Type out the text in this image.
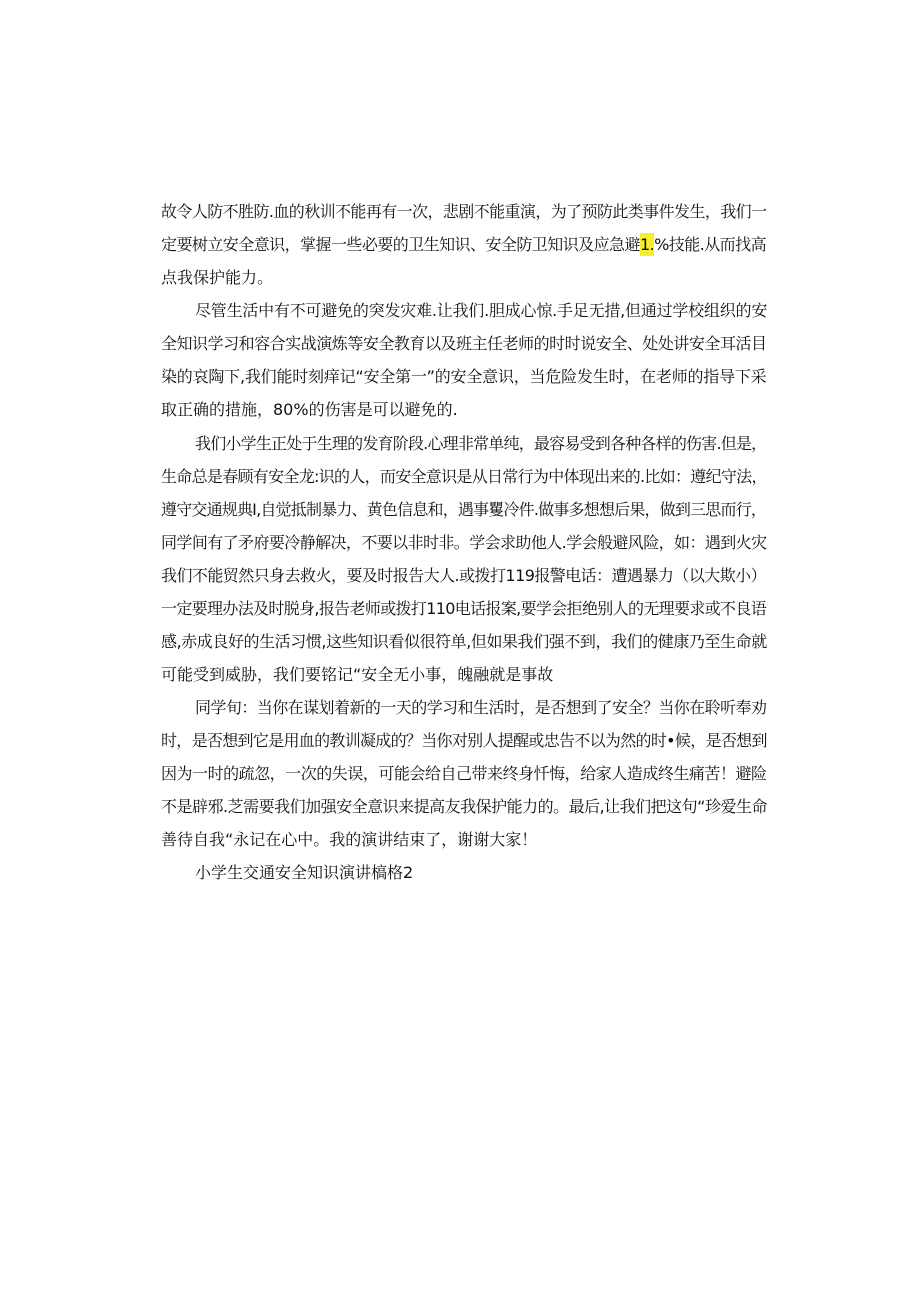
故令人防不胜防.血的秋训不能再有一次，悲剧不能重演，为了预防此类事件发生，我们一
定要树立安全意识，掌握一些必要的卫生知识、安全防卫知识及应急避1.%技能.从而找高
点我保护能力。
尽管生活中有不可避免的突发灾难.让我们.胆成心惊.手足无措,但通过学校组织的安
全知识学习和容合实战演炼等安全教育以及班主任老师的时时说安全、处处讲安全耳活目
染的哀陶下,我们能时刻痒记“安全第一”的安全意识，当危险发生时，在老师的指导下采
取正确的措施，80%的伤害是可以避免的.
我们小学生正处于生理的发育阶段.心理非常单纯，最容易受到各种各样的伤害.但是，
生命总是春顾有安全龙:识的人，而安全意识是从日常行为中体现出来的.比如：遵纪守法，
遵守交通规典I,自觉抵制暴力、黄色信息和，遇事矍冷件.做事多想想后果，做到三思而行，
同学间有了矛府要冷静解决，不要以非时非。学会求助他人.学会般避风险，如：遇到火灾
我们不能贸然只身去救火，要及时报告大人.或拨打119报警电话：遭遇暴力（以大欺小）
一定要理办法及时脱身,报告老师或拨打110电话报案,要学会拒绝别人的无理要求或不良语
感,赤成良好的生活习惯,这些知识看似很符单,但如果我们强不到，我们的健康乃至生命就
可能受到威胁，我们要铭记“安全无小事，魄融就是事故
同学旬：当你在谋划着新的一天的学习和生活时，是否想到了安全？当你在聆听奉劝
时，是否想到它是用血的教训凝成的？当你对别人提醒或忠告不以为然的时•候，是否想到
因为一时的疏忽，一次的失误，可能会给自己带来终身忏悔，给家人造成终生痛苦！避险
不是辟邪.芝需要我们加强安全意识来提高友我保护能力的。最后,让我们把这句“珍爱生命
善待自我“永记在心中。我的演讲结束了，谢谢大家！
小学生交通安全知识演讲槁格2
